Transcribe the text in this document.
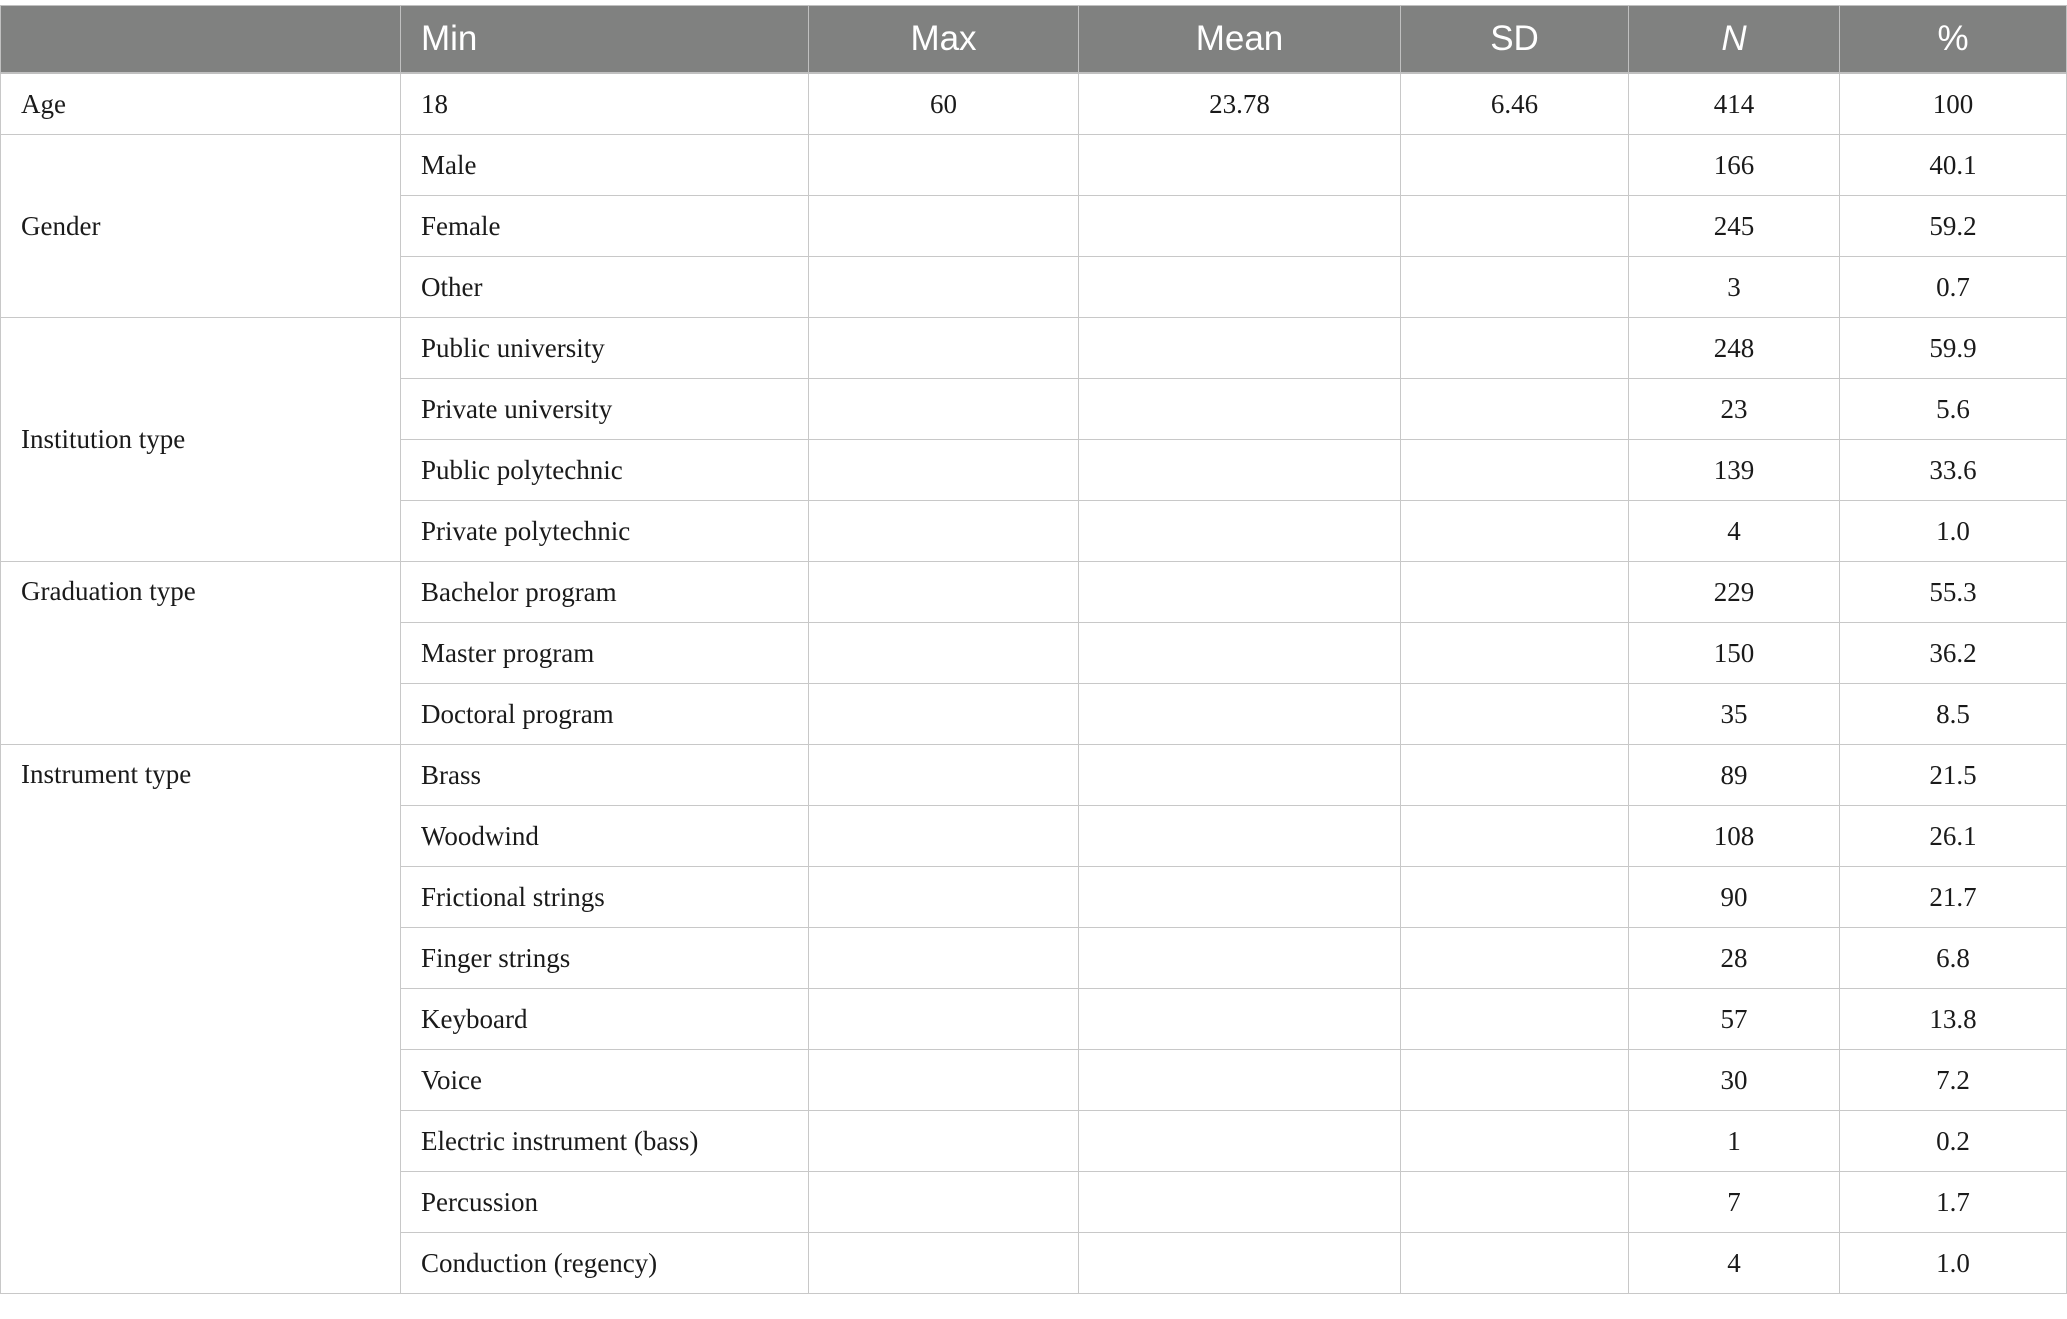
	Min	Max	Mean	SD	N	%
Age	18	60	23.78	6.46	414	100
Gender	Male				166	40.1
	Female				245	59.2
	Other				3	0.7
Institution type	Public university				248	59.9
	Private university				23	5.6
	Public polytechnic				139	33.6
	Private polytechnic				4	1.0
Graduation type	Bachelor program				229	55.3
	Master program				150	36.2
	Doctoral program				35	8.5
Instrument type	Brass				89	21.5
	Woodwind				108	26.1
	Frictional strings				90	21.7
	Finger strings				28	6.8
	Keyboard				57	13.8
	Voice				30	7.2
	Electric instrument (bass)				1	0.2
	Percussion				7	1.7
	Conduction (regency)				4	1.0
